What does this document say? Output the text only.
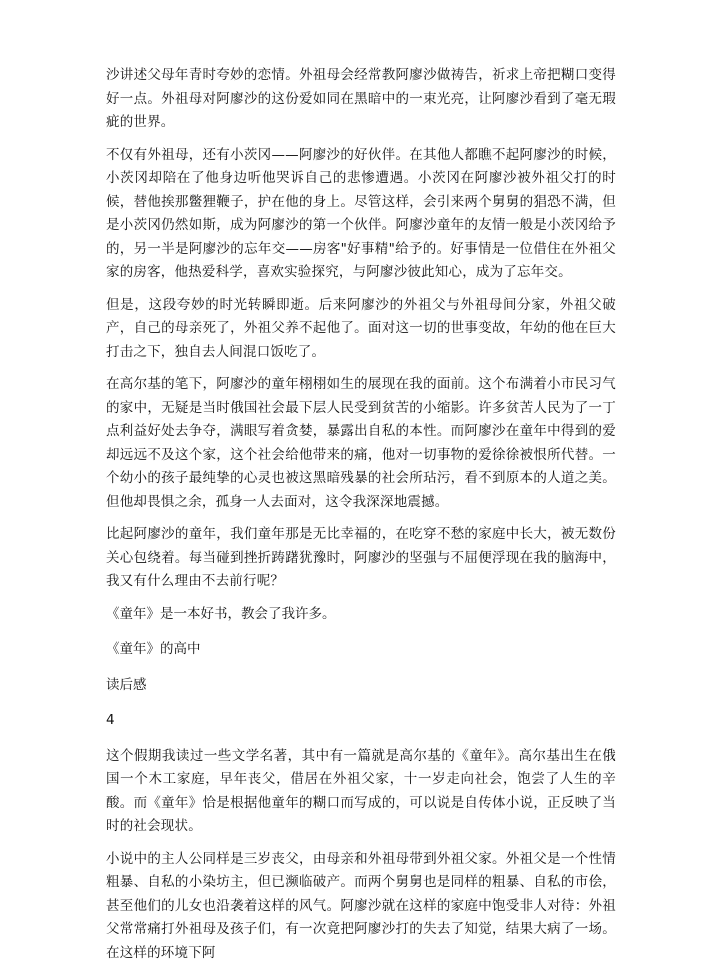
沙讲述父母年青时夸妙的恋情。外祖母会经常教阿廖沙做祷告，祈求上帝把糊口变得好一点。外祖母对阿廖沙的这份爱如同在黑暗中的一束光亮，让阿廖沙看到了毫无瑕疵的世界。

不仅有外祖母，还有小茨冈——阿廖沙的好伙伴。在其他人都瞧不起阿廖沙的时候，小茨冈却陪在了他身边听他哭诉自己的悲惨遭遇。小茨冈在阿廖沙被外祖父打的时候，替他挨那鳖狸鞭子，护在他的身上。尽管这样，会引来两个舅舅的猖恐不满，但是小茨冈仍然如斯，成为阿廖沙的第一个伙伴。阿廖沙童年的友情一般是小茨冈给予的，另一半是阿廖沙的忘年交——房客"好事精"给予的。好事情是一位借住在外祖父家的房客，他热爱科学，喜欢实验探究，与阿廖沙彼此知心，成为了忘年交。

但是，这段夸妙的时光转瞬即逝。后来阿廖沙的外祖父与外祖母间分家，外祖父破产，自己的母亲死了，外祖父养不起他了。面对这一切的世事变故，年幼的他在巨大打击之下，独自去人间混口饭吃了。

在高尔基的笔下，阿廖沙的童年栩栩如生的展现在我的面前。这个布满着小市民习气的家中，无疑是当时俄国社会最下层人民受到贫苦的小缩影。许多贫苦人民为了一丁点利益好处去争夺，满眼写着贪婪，暴露出自私的本性。而阿廖沙在童年中得到的爱却远远不及这个家，这个社会给他带来的痛，他对一切事物的爱徐徐被恨所代替。一个幼小的孩子最纯挚的心灵也被这黑暗残暴的社会所玷污，看不到原本的人道之美。但他却畏惧之余，孤身一人去面对，这令我深深地震撼。

比起阿廖沙的童年，我们童年那是无比幸福的，在吃穿不愁的家庭中长大，被无数份关心包绕着。每当碰到挫折踌躇犹豫时，阿廖沙的坚强与不屈便浮现在我的脑海中，我又有什么理由不去前行呢？

《童年》是一本好书，教会了我许多。

《童年》的高中

读后感

4

这个假期我读过一些文学名著，其中有一篇就是高尔基的《童年》。高尔基出生在俄国一个木工家庭，早年丧父，借居在外祖父家，十一岁走向社会，饱尝了人生的辛酸。而《童年》恰是根据他童年的糊口而写成的，可以说是自传体小说，正反映了当时的社会现状。

小说中的主人公同样是三岁丧父，由母亲和外祖母带到外祖父家。外祖父是一个性情粗暴、自私的小染坊主，但已濒临破产。而两个舅舅也是同样的粗暴、自私的市侩，甚至他们的儿女也沿袭着这样的风气。阿廖沙就在这样的家庭中饱受非人对待：外祖父常常痛打外祖母及孩子们，有一次竟把阿廖沙打的失去了知觉，结果大病了一场。在这样的环境下阿
